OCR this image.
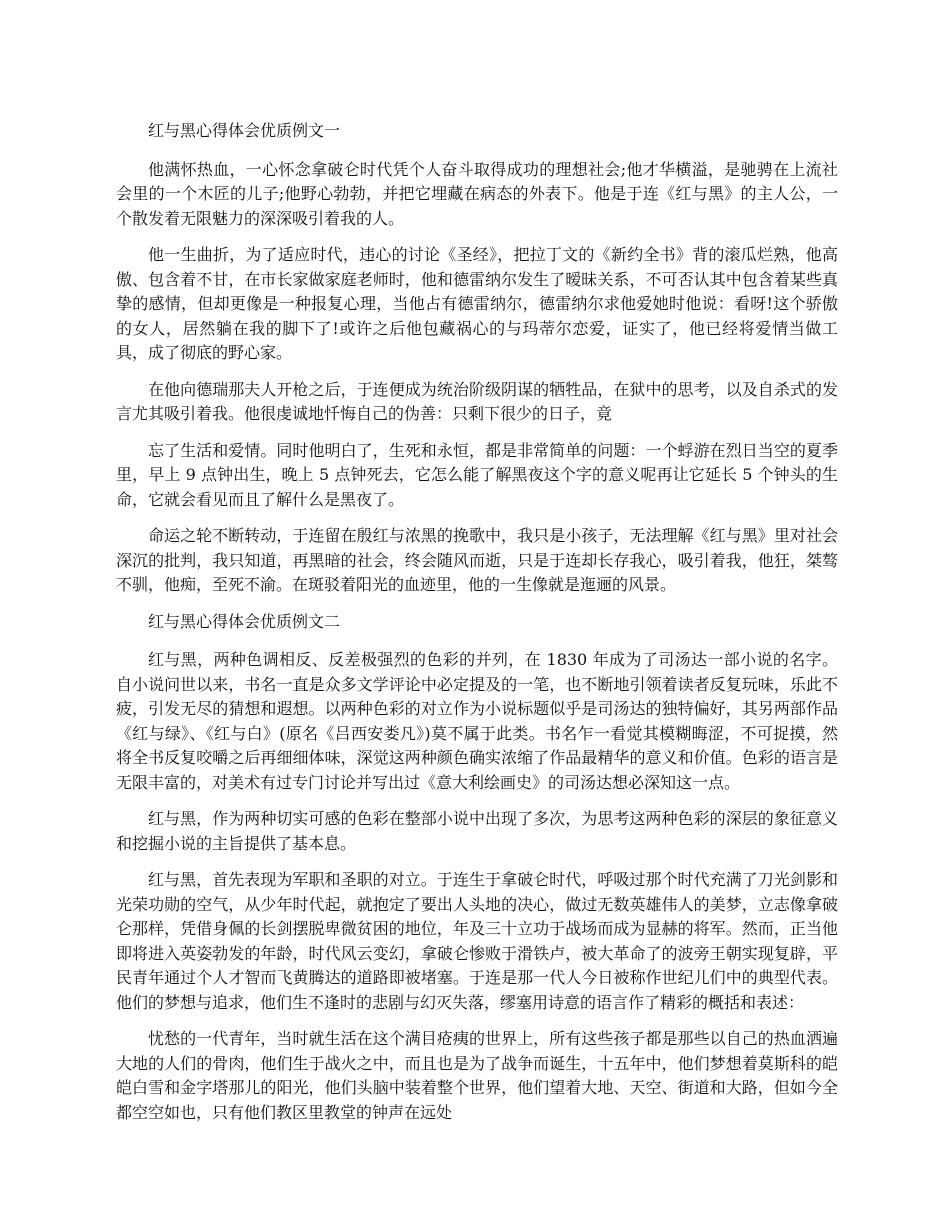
红与黑心得体会优质例文一

他满怀热血，一心怀念拿破仑时代凭个人奋斗取得成功的理想社会;他才华横溢，是驰骋在上流社会里的一个木匠的儿子;他野心勃勃，并把它埋藏在病态的外表下。他是于连《红与黑》的主人公，一个散发着无限魅力的深深吸引着我的人。

他一生曲折，为了适应时代，违心的讨论《圣经》，把拉丁文的《新约全书》背的滚瓜烂熟，他高傲、包含着不甘，在市长家做家庭老师时，他和德雷纳尔发生了暧昧关系，不可否认其中包含着某些真挚的感情，但却更像是一种报复心理，当他占有德雷纳尔，德雷纳尔求他爱她时他说：看呀!这个骄傲的女人，居然躺在我的脚下了!或许之后他包藏祸心的与玛蒂尔恋爱，证实了，他已经将爱情当做工具，成了彻底的野心家。

在他向德瑞那夫人开枪之后，于连便成为统治阶级阴谋的牺牲品，在狱中的思考，以及自杀式的发言尤其吸引着我。他很虔诚地忏悔自己的伪善：只剩下很少的日子，竟

忘了生活和爱情。同时他明白了，生死和永恒，都是非常简单的问题：一个蜉游在烈日当空的夏季里，早上 9 点钟出生，晚上 5 点钟死去，它怎么能了解黑夜这个字的意义呢再让它延长 5 个钟头的生命，它就会看见而且了解什么是黑夜了。

命运之轮不断转动，于连留在殷红与浓黑的挽歌中，我只是小孩子，无法理解《红与黑》里对社会深沉的批判，我只知道，再黑暗的社会，终会随风而逝，只是于连却长存我心，吸引着我，他狂，桀骜不驯，他痴，至死不渝。在斑驳着阳光的血迹里，他的一生像就是迤逦的风景。

红与黑心得体会优质例文二

红与黑，两种色调相反、反差极强烈的色彩的并列，在 1830 年成为了司汤达一部小说的名字。自小说问世以来，书名一直是众多文学评论中必定提及的一笔，也不断地引领着读者反复玩味，乐此不疲，引发无尽的猜想和遐想。以两种色彩的对立作为小说标题似乎是司汤达的独特偏好，其另两部作品《红与绿》、《红与白》(原名《吕西安娄凡》)莫不属于此类。书名乍一看觉其模糊晦涩，不可捉摸，然将全书反复咬嚼之后再细细体味，深觉这两种颜色确实浓缩了作品最精华的意义和价值。色彩的语言是无限丰富的，对美术有过专门讨论并写出过《意大利绘画史》的司汤达想必深知这一点。

红与黑，作为两种切实可感的色彩在整部小说中出现了多次，为思考这两种色彩的深层的象征意义和挖掘小说的主旨提供了基本息。

红与黑，首先表现为军职和圣职的对立。于连生于拿破仑时代，呼吸过那个时代充满了刀光剑影和光荣功勋的空气，从少年时代起，就抱定了要出人头地的决心，做过无数英雄伟人的美梦，立志像拿破仑那样，凭借身佩的长剑摆脱卑微贫困的地位，年及三十立功于战场而成为显赫的将军。然而，正当他即将进入英姿勃发的年龄，时代风云变幻，拿破仑惨败于滑铁卢，被大革命了的波旁王朝实现复辟，平民青年通过个人才智而飞黄腾达的道路即被堵塞。于连是那一代人今日被称作世纪儿们中的典型代表。他们的梦想与追求，他们生不逢时的悲剧与幻灭失落，缪塞用诗意的语言作了精彩的概括和表述：

忧愁的一代青年，当时就生活在这个满目疮痍的世界上，所有这些孩子都是那些以自己的热血洒遍大地的人们的骨肉，他们生于战火之中，而且也是为了战争而诞生，十五年中，他们梦想着莫斯科的皑皑白雪和金字塔那儿的阳光，他们头脑中装着整个世界，他们望着大地、天空、街道和大路，但如今全都空空如也，只有他们教区里教堂的钟声在远处
